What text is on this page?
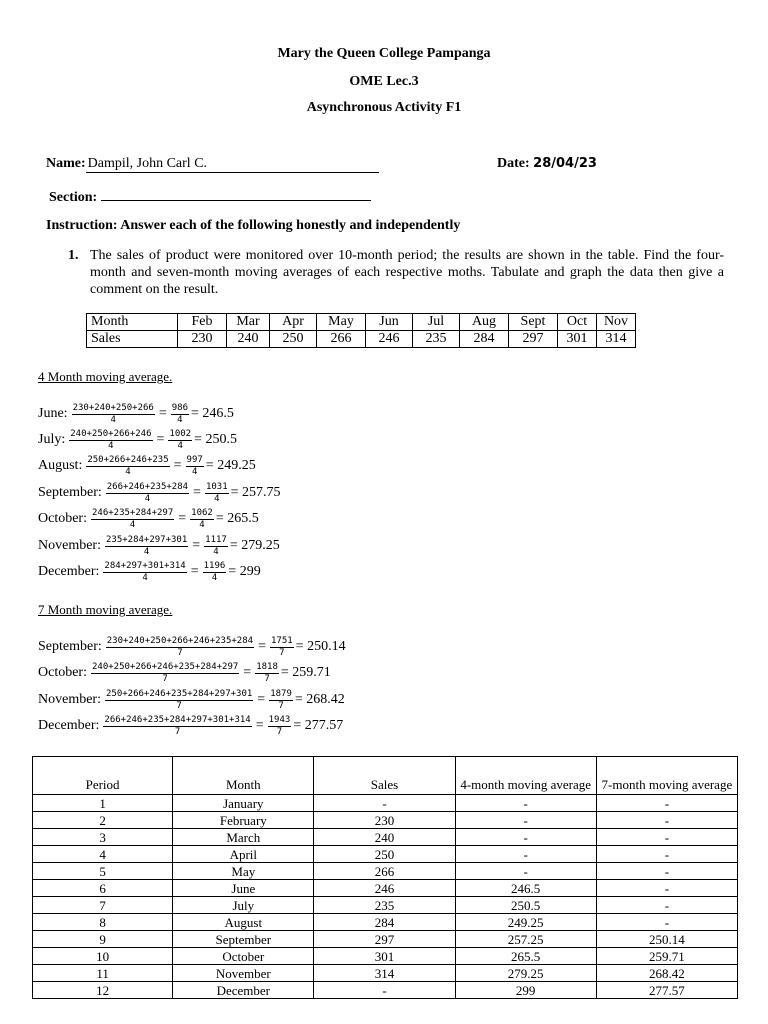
Mary the Queen College Pampanga
OME Lec.3
Asynchronous Activity F1
Name: Dampil, John Carl C.	Date: 28/04/23
Section:
Instruction: Answer each of the following honestly and independently
1. The sales of product were monitored over 10-month period; the results are shown in the table. Find the four-month and seven-month moving averages of each respective moths. Tabulate and graph the data then give a comment on the result.
Month	Feb	Mar	Apr	May	Jun	Jul	Aug	Sept	Oct	Nov
Sales	230	240	250	266	246	235	284	297	301	314
4 Month moving average.
June: $\frac{230+240+250+266}{4} = \frac{986}{4} = 246.5$
July: $\frac{240+250+266+246}{4} = \frac{1002}{4} = 250.5$
August: $\frac{250+266+246+235}{4} = \frac{997}{4} = 249.25$
September: $\frac{266+246+235+284}{4} = \frac{1031}{4} = 257.75$
October: $\frac{246+235+284+297}{4} = \frac{1062}{4} = 265.5$
November: $\frac{235+284+297+301}{4} = \frac{1117}{4} = 279.25$
December: $\frac{284+297+301+314}{4} = \frac{1196}{4} = 299$
7 Month moving average.
September: $\frac{230+240+250+266+246+235+284}{7} = \frac{1751}{7} = 250.14$
October: $\frac{240+250+266+246+235+284+297}{7} = \frac{1818}{7} = 259.71$
November: $\frac{250+266+246+235+284+297+301}{7} = \frac{1879}{7} = 268.42$
December: $\frac{266+246+235+284+297+301+314}{7} = \frac{1943}{7} = 277.57$
Period	Month	Sales	4-month moving average	7-month moving average
1	January	-	-	-
2	February	230	-	-
3	March	240	-	-
4	April	250	-	-
5	May	266	-	-
6	June	246	246.5	-
7	July	235	250.5	-
8	August	284	249.25	-
9	September	297	257.25	250.14
10	October	301	265.5	259.71
11	November	314	279.25	268.42
12	December	-	299	277.57
